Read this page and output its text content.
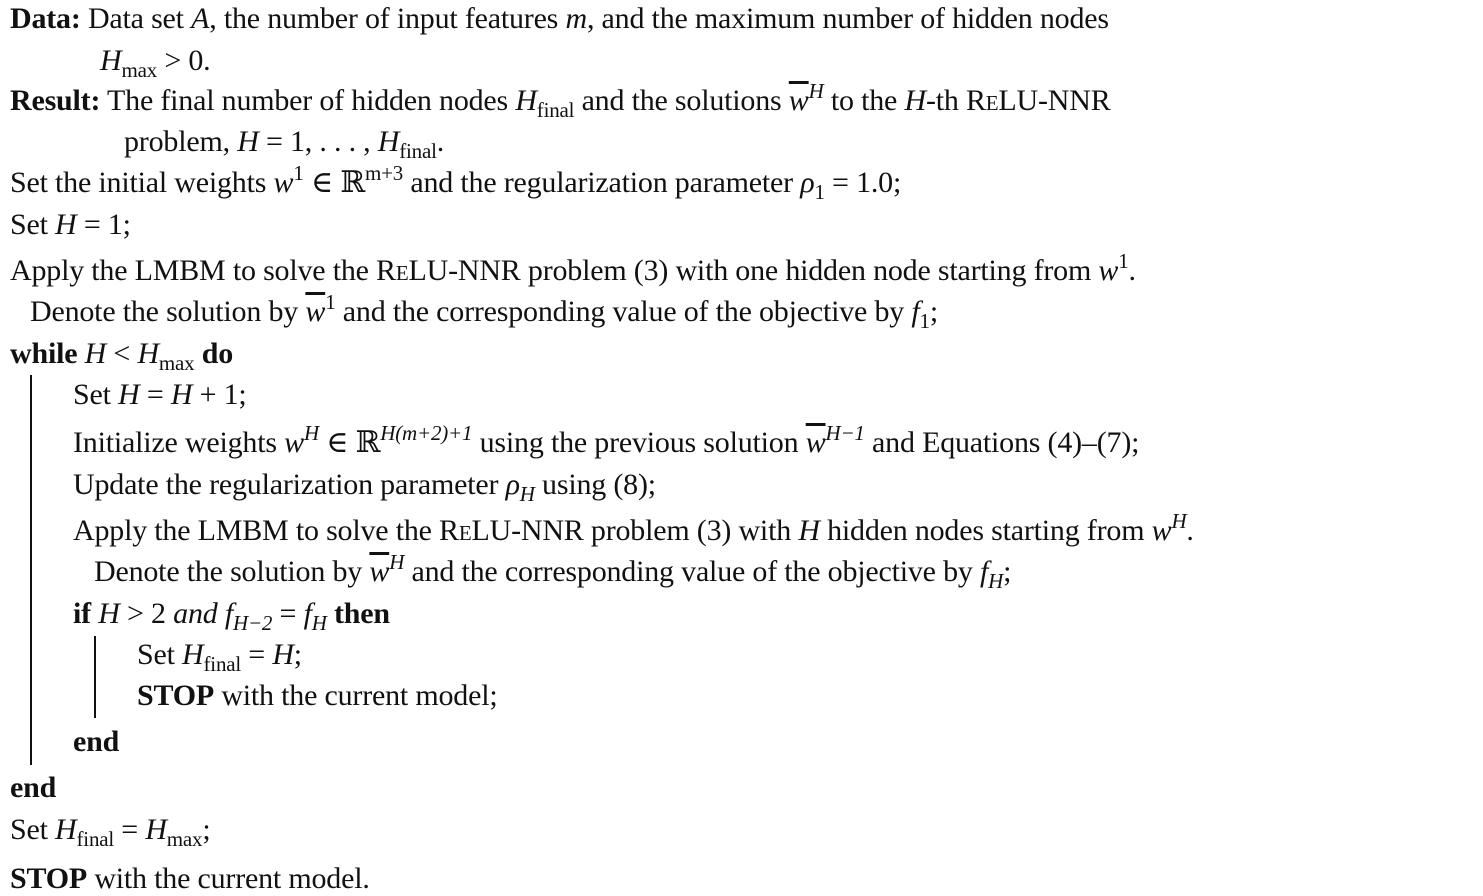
Data: Data set A, the number of input features m, and the maximum number of hidden nodes
$H_{max} > 0$.
Result: The final number of hidden nodes $H_{final}$ and the solutions $\overline{w}^H$ to the H-th ReLU-NNR
problem, H = 1, . . . , $H_{final}$.
Set the initial weights $w^1$ ∈ ℝ$^{m+3}$ and the regularization parameter $\rho_1 = 1.0$;
Set H = 1;
Apply the LMBM to solve the ReLU-NNR problem (3) with one hidden node starting from $w^1$.
Denote the solution by $\overline{w}^1$ and the corresponding value of the objective by $f_1$;
while $H < H_{max}$ do
Set H = H + 1;
Initialize weights $w^H$ ∈ ℝ$^{H(m+2)+1}$ using the previous solution $\overline{w}^{H-1}$ and Equations (4)–(7);
Update the regularization parameter $\rho_H$ using (8);
Apply the LMBM to solve the ReLU-NNR problem (3) with H hidden nodes starting from $w^H$.
Denote the solution by $\overline{w}^H$ and the corresponding value of the objective by $f_H$;
if H > 2 and $f_{H-2} = f_H$ then
Set $H_{final} = H$;
STOP with the current model;
end
end
Set $H_{final} = H_{max}$;
STOP with the current model.
